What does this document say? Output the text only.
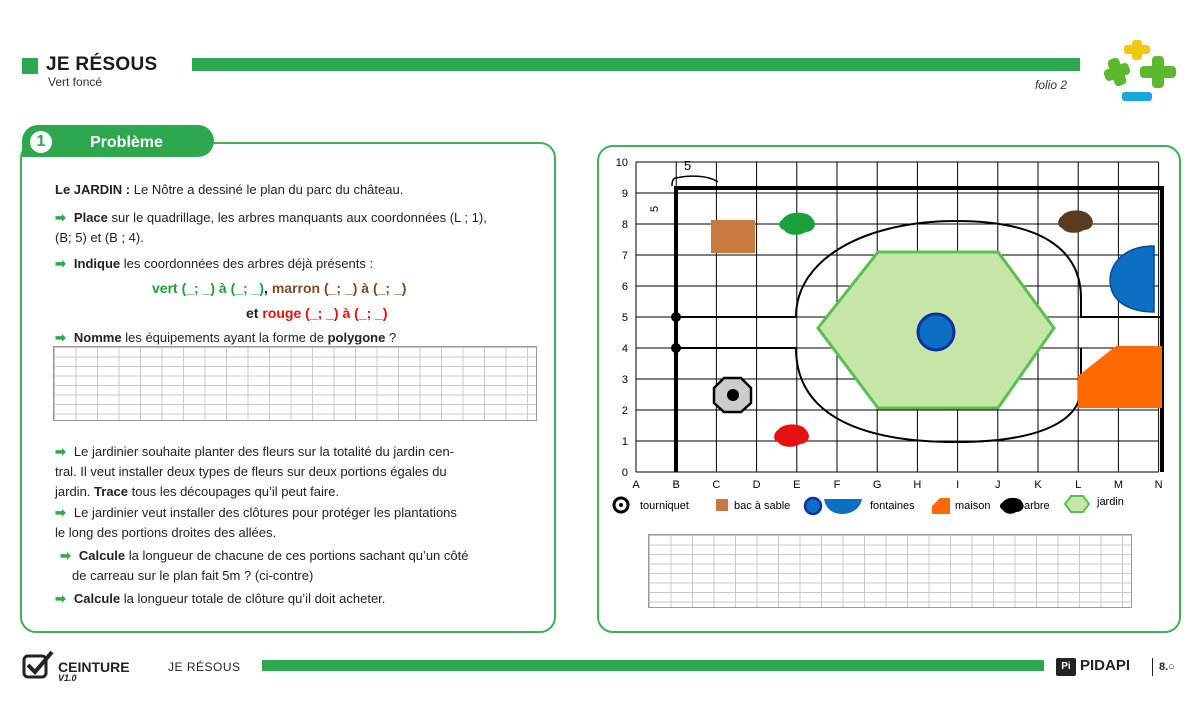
JE RÉSOUS
Vert foncé	folio 2
1	Problème
Le JARDIN : Le Nôtre a dessiné le plan du parc du château.
➡ Place sur le quadrillage, les arbres manquants aux coordonnées (L ; 1),
(B; 5) et (B ; 4).
➡ Indique les coordonnées des arbres déjà présents :
vert (_; _) à (_; _), marron (_; _) à (_; _)
et rouge (_; _) à (_; _)
➡ Nomme les équipements ayant la forme de polygone ?
➡ Le jardinier souhaite planter des fleurs sur la totalité du jardin cen-
tral. Il veut installer deux types de fleurs sur deux portions égales du
jardin. Trace tous les découpages qu’il peut faire.
➡ Le jardinier veut installer des clôtures pour protéger les plantations
le long des portions droites des allées.
➡ Calcule la longueur de chacune de ces portions sachant qu’un côté
de carreau sur le plan fait 5m ? (ci-contre)
➡ Calcule la longueur totale de clôture qu’il doit acheter.
A	B	C	D	E	F	G	H	I	J	K	L	M	N
0
1
2
3
4
5
6
7
8
9
10	5
5
tourniquet	bac à sable	fontaines	maison	arbre	jardin
CEINTURE
V1.0
JE RÉSOUS	Pi PIDAPI	8.○
